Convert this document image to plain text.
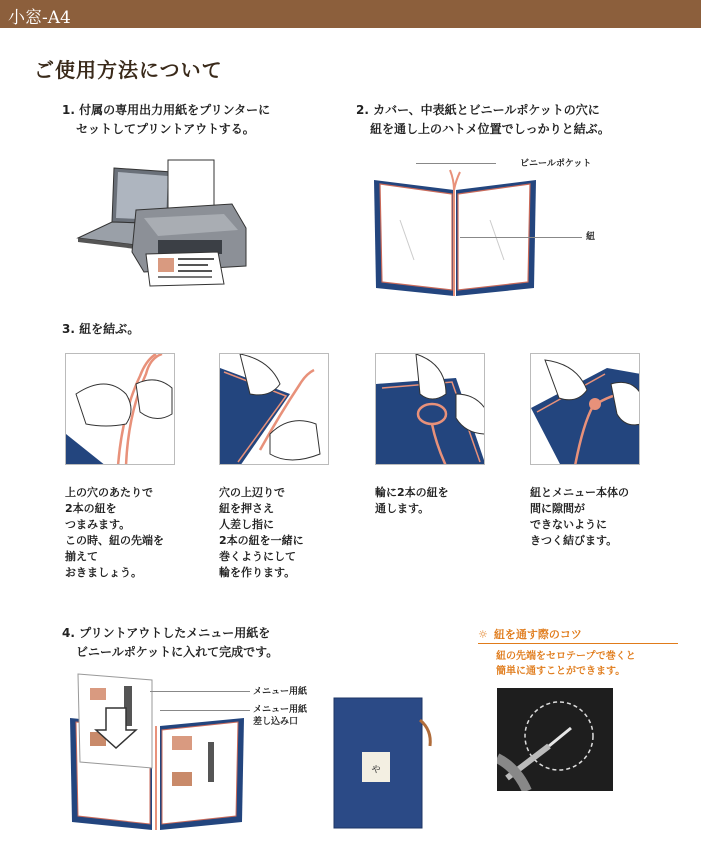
小窓-A4
ご使用方法について
1. 付属の専用出力用紙をプリンターに
セットしてプリントアウトする。
2. カバー、中表紙とビニールポケットの穴に
紐を通し上のハトメ位置でしっかりと結ぶ。
ビニールポケット
紐
3. 紐を結ぶ。
上の穴のあたりで
2本の紐を
つまみます。
この時、紐の先端を
揃えて
おきましょう。
穴の上辺りで
紐を押さえ
人差し指に
2本の紐を一緒に
巻くようにして
輪を作ります。
輪に2本の紐を
通します。
紐とメニュー本体の
間に隙間が
できないように
きつく結びます。
4. プリントアウトしたメニュー用紙を
ビニールポケットに入れて完成です。
メニュー用紙
メニュー用紙
差し込み口
ゃ
☼ 紐を通す際のコツ
紐の先端をセロテープで巻くと
簡単に通すことができます。
